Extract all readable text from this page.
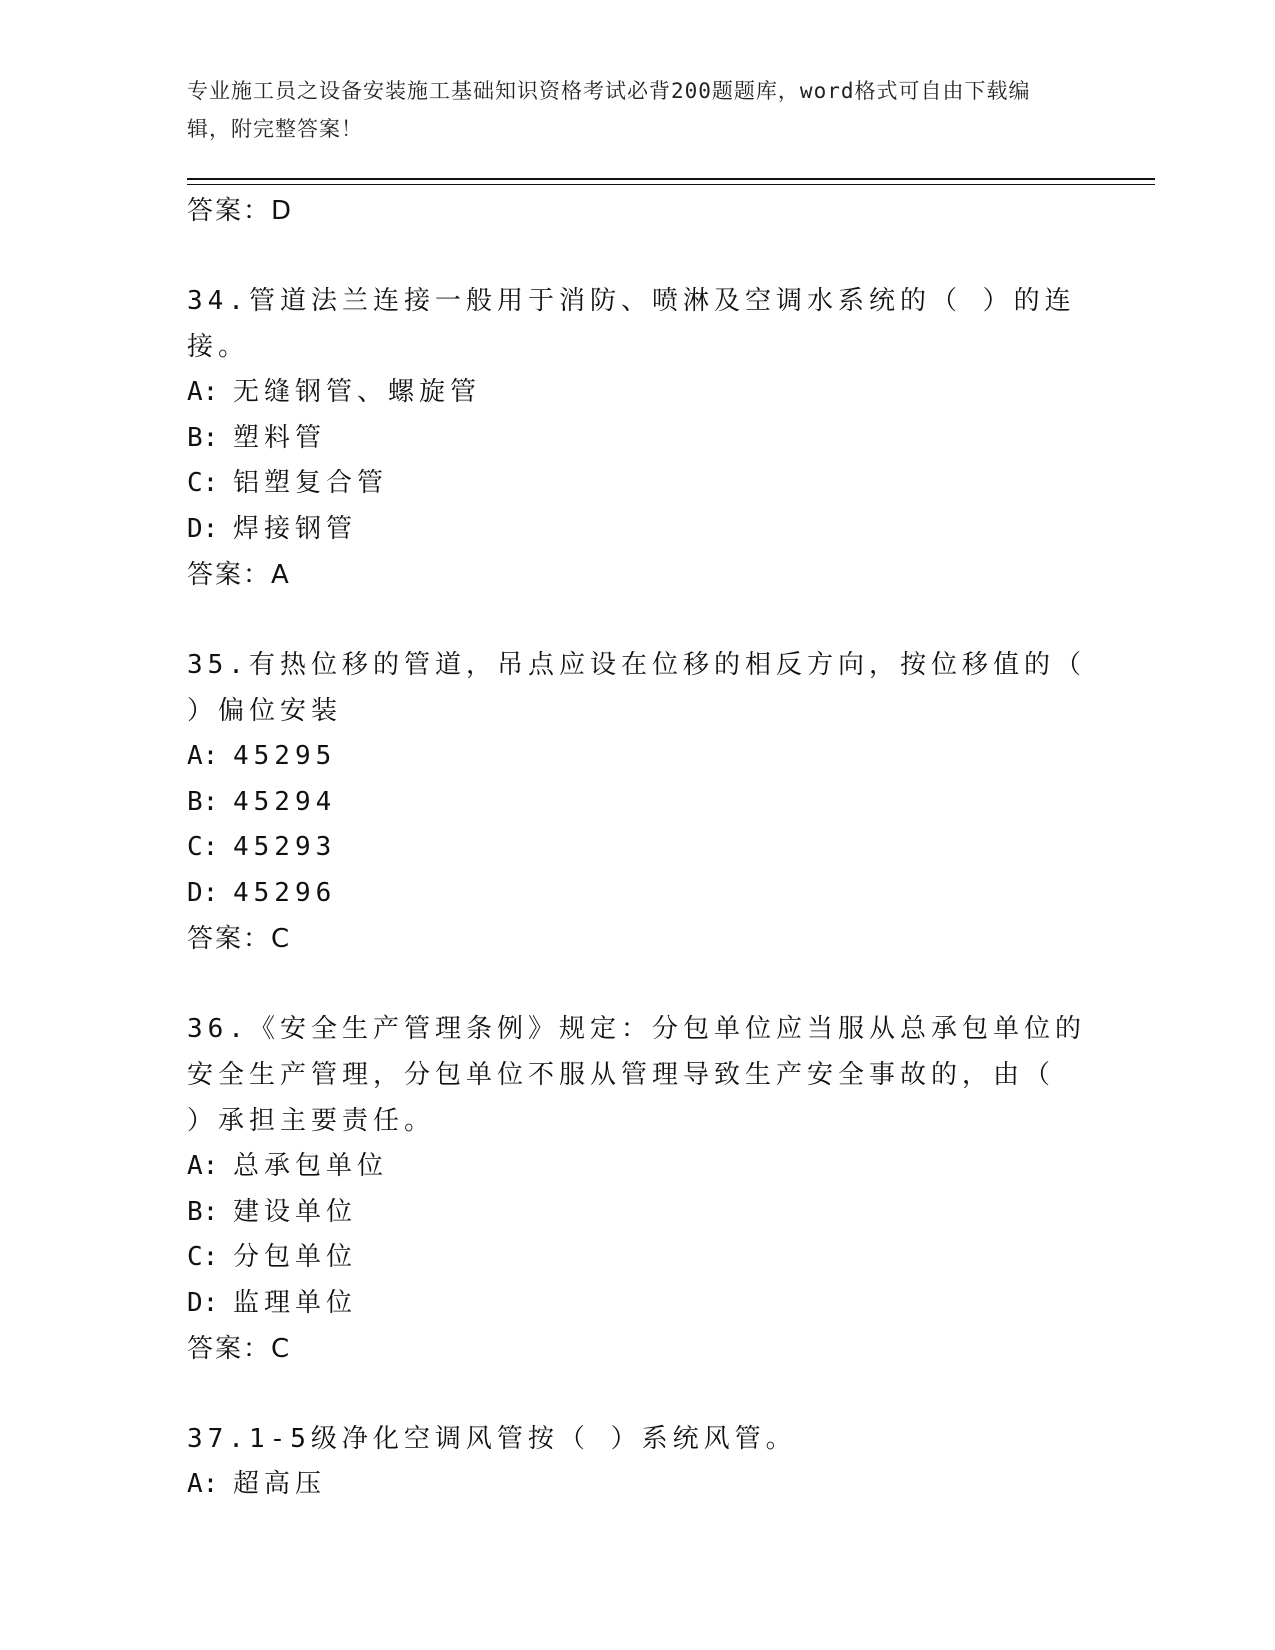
专业施工员之设备安装施工基础知识资格考试必背200题题库，word格式可自由下载编辑，附完整答案！
答案：D
34.管道法兰连接一般用于消防、喷淋及空调水系统的（ ）的连接。
A: 无缝钢管、螺旋管
B: 塑料管
C: 铝塑复合管
D: 焊接钢管
答案：A
35.有热位移的管道，吊点应设在位移的相反方向，按位移值的（ ）偏位安装
A: 45295
B: 45294
C: 45293
D: 45296
答案：C
36.《安全生产管理条例》规定：分包单位应当服从总承包单位的安全生产管理，分包单位不服从管理导致生产安全事故的，由（ ）承担主要责任。
A: 总承包单位
B: 建设单位
C: 分包单位
D: 监理单位
答案：C
37.1-5级净化空调风管按（ ）系统风管。
A: 超高压
